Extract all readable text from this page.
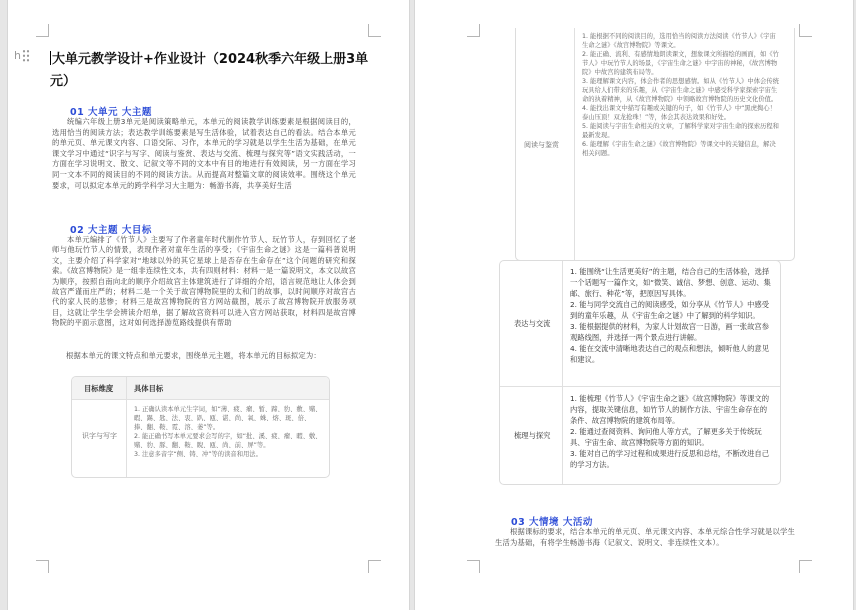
h	大单元教学设计+作业设计（2024秋季六年级上册3单元）
01 大单元 大主题
统编六年级上册3单元是阅读策略单元，本单元的阅读教学训练要素是根据阅读目的，选用恰当的阅读方法；表达教学训练要素是写生活体验，试着表达自己的看法。结合本单元的单元页、单元课文内容、口语交际、习作，本单元的学习就是以学生生活为基础，在单元课文学习中通过“识字与写字、阅读与鉴赏、表达与交流、梳理与探究等”语文实践活动，一方面在学习说明文、散文、记叙文等不同的文本中有目的地进行有效阅读，另一方面在学习同一文本不同的阅读目的不同的阅读方法。从而提高对整篇文章的阅读效率。围绕这个单元要求，可以拟定本单元的跨学科学习大主题为：畅游书海，共享美好生活
02 大主题 大目标
本单元编排了《竹节人》主要写了作者童年时代制作竹节人、玩竹节人，存到回忆了老师与他玩竹节人的情景，表现作者对童年生活的享受；《宇宙生命之谜》这是一篇科普说明文，主要介绍了科学家对“地球以外的其它星球上是否存在生命存在”这个问题的研究和探索。《故宫博物院》是一组非连续性文本，共有四则材料：材料一是一篇说明文，本文以故宫为顺序，按照自南向北的顺序介绍故宫主体建筑进行了详细的介绍，语言规范地让人体会到故宫严谨而庄严的；材料二是一个关于故宫博物院里的太和门的故事，以时间顺序对故宫古代的家人民的悲惨；材料三是故宫博物院的官方网站截图，展示了故宫博物院开放服务项目，这就让学生学会辨读介绍单，据了解故宫资料可以进入官方网站获取，材料四是故宫博物院的平面示意图，这对如何选择游览路线提供有帮助
根据本单元的课文特点和单元要求，围绕单元主题，将本单元的目标拟定为：
目标维度	具体目标
识字与写字
1. 正确认读本单元生字词，如“薄、疲、瘤、暂、蹄、豹、敷、赌、暇、踢、匙、法、衷、趴、瓯、谌、尚、氧、蛛、熔、斑、倍、捧、翻、鞍、霓、溶、萎”等。
2. 能正确书写本单元要求会写的字，如“批、溪、疲、瘤、暇、敷、赌、豹、豚、翻、鞍、睨、瓯、尚、前、屏”等。
3. 注意多音字“侧、铸、冲”等的读音和用法。
阅读与鉴赏
1. 能根据不同的阅读目的，选用恰当的阅读方法阅读《竹节人》《宇宙生命之谜》《故宫博物院》等课文。
2. 能正确、流利、有感情地朗读课文，想象课文所描绘的画面，如《竹节人》中玩竹节人的场景，《宇宙生命之谜》中宇宙的神秘，《故宫博物院》中故宫的建筑布局等。
3. 能理解课文内容，体会作者的思想感情。如从《竹节人》中体会传统玩具给人们带来的乐趣，从《宇宙生命之谜》中感受科学家探索宇宙生命的执着精神，从《故宫博物院》中领略故宫博物院的历史文化价值。
4. 能找出课文中描写有趣或关键的句子，如《竹节人》中“黑虎掏心！泰山压顶！双龙抢珠！”等，体会其表达效果和好处。
5. 能阅读与宇宙生命相关的文章，了解科学家对宇宙生命的探索历程和最新发现。
6. 能理解《宇宙生命之谜》《故宫博物院》等课文中的关键信息，解决相关问题。
表达与交流
1. 能围绕“让生活更美好”的主题，结合自己的生活体验，选择一个话题写一篇作文，如“微笑、诚信、梦想、创意、运动、集邮、旅行、种花”等，把原因写具体。
2. 能与同学交流自己的阅读感受，如分享从《竹节人》中感受到的童年乐趣，从《宇宙生命之谜》中了解到的科学知识。
3. 能根据提供的材料，为家人计划故宫一日游，画一张故宫参观路线图，并选择一两个景点进行讲解。
4. 能在交流中清晰地表达自己的观点和想法，倾听他人的意见和建议。
梳理与探究
1. 能梳理《竹节人》《宇宙生命之谜》《故宫博物院》等课文的内容，提取关键信息，如竹节人的制作方法、宇宙生命存在的条件、故宫博物院的建筑布局等。
2. 能通过查阅资料、询问他人等方式，了解更多关于传统玩具、宇宙生命、故宫博物院等方面的知识。
3. 能对自己的学习过程和成果进行反思和总结，不断改进自己的学习方法。
03 大情境 大活动
根据课标的要求，结合本单元的单元页、单元课文内容、本单元综合性学习就是以学生生活为基础，有将学生畅游书海（记叙文、说明文、非连续性文本）。
